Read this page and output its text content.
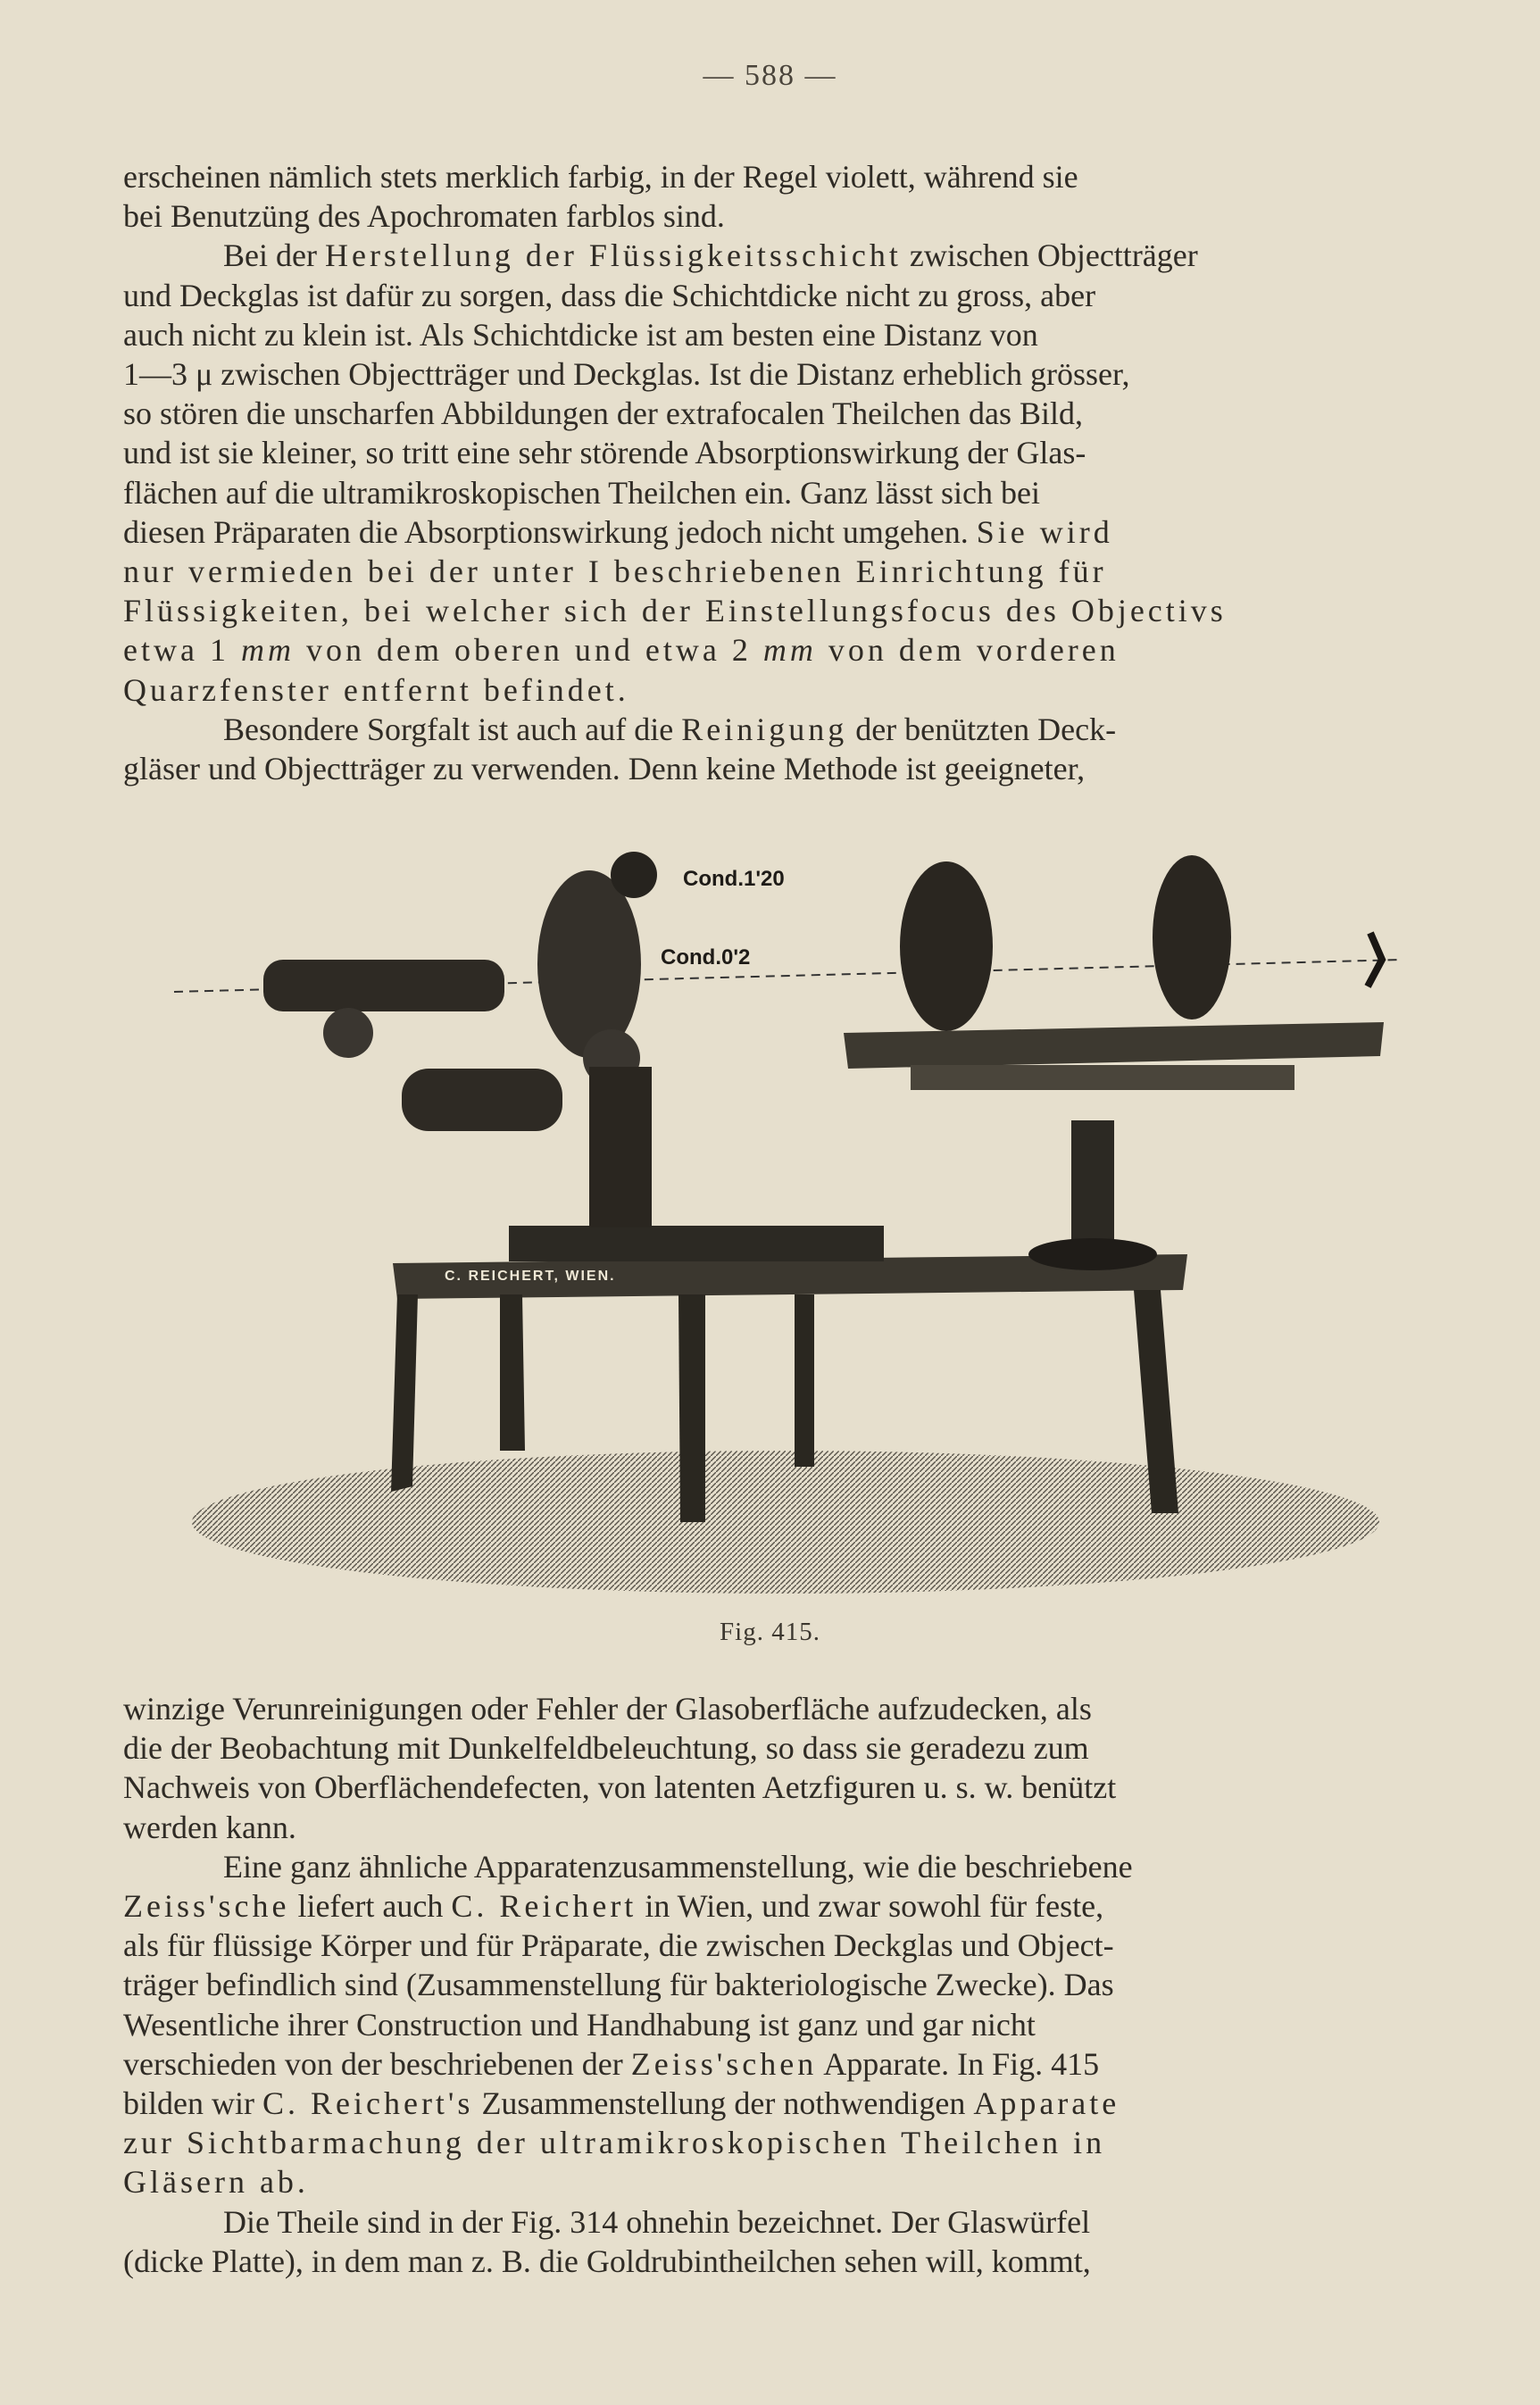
— 588 —

erscheinen nämlich stets merklich farbig, in der Regel violett, während sie

bei Benutzüng des Apochromaten farblos sind.

Bei der Herstellung der Flüssigkeitsschicht zwischen Objectträger

und Deckglas ist dafür zu sorgen, dass die Schichtdicke nicht zu gross, aber

auch nicht zu klein ist. Als Schichtdicke ist am besten eine Distanz von

1—3 μ zwischen Objectträger und Deckglas. Ist die Distanz erheblich grösser,

so stören die unscharfen Abbildungen der extrafocalen Theilchen das Bild,

und ist sie kleiner, so tritt eine sehr störende Absorptionswirkung der Glas-

flächen auf die ultramikroskopischen Theilchen ein. Ganz lässt sich bei

diesen Präparaten die Absorptionswirkung jedoch nicht umgehen. Sie wird

nur vermieden bei der unter I beschriebenen Einrichtung für

Flüssigkeiten, bei welcher sich der Einstellungsfocus des Objectivs

etwa 1 mm von dem oberen und etwa 2 mm von dem vorderen

Quarzfenster entfernt befindet.

Besondere Sorgfalt ist auch auf die Reinigung der benützten Deck-

gläser und Objectträger zu verwenden. Denn keine Methode ist geeigneter,

Cond.1'20
Cond.0'2
C. REICHERT, WIEN.
Fig. 415.

winzige Verunreinigungen oder Fehler der Glasoberfläche aufzudecken, als

die der Beobachtung mit Dunkelfeldbeleuchtung, so dass sie geradezu zum

Nachweis von Oberflächendefecten, von latenten Aetzfiguren u. s. w. benützt

werden kann.

Eine ganz ähnliche Apparatenzusammenstellung, wie die beschriebene

Zeiss'sche liefert auch C. Reichert in Wien, und zwar sowohl für feste,

als für flüssige Körper und für Präparate, die zwischen Deckglas und Object-

träger befindlich sind (Zusammenstellung für bakteriologische Zwecke). Das

Wesentliche ihrer Construction und Handhabung ist ganz und gar nicht

verschieden von der beschriebenen der Zeiss'schen Apparate. In Fig. 415

bilden wir C. Reichert's Zusammenstellung der nothwendigen Apparate

zur Sichtbarmachung der ultramikroskopischen Theilchen in

Gläsern ab.

Die Theile sind in der Fig. 314 ohnehin bezeichnet. Der Glaswürfel

(dicke Platte), in dem man z. B. die Goldrubintheilchen sehen will, kommt,
